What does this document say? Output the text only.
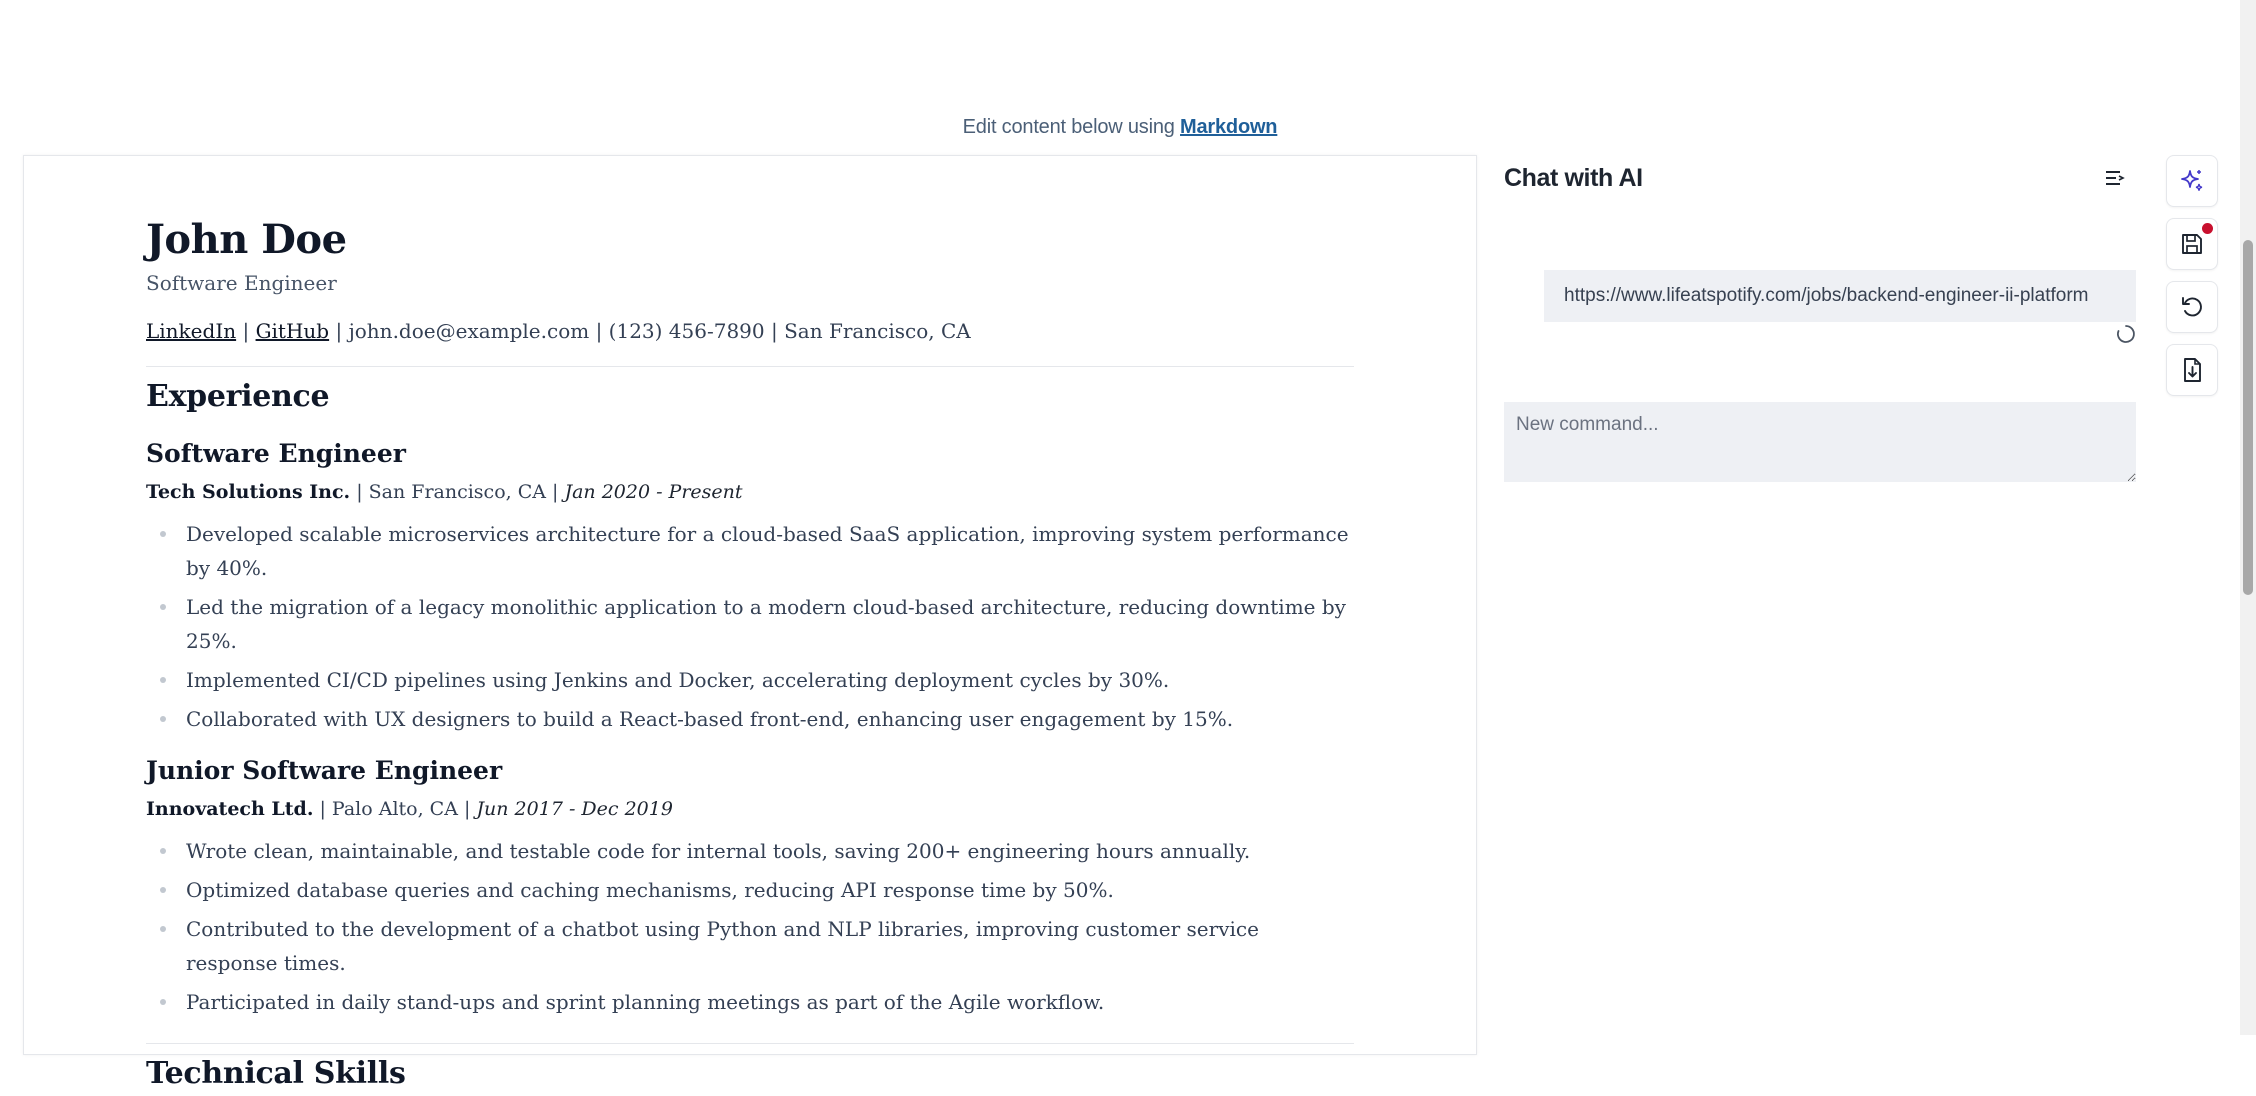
Edit content below using Markdown
John Doe
Software Engineer
LinkedIn | GitHub | john.doe@example.com | (123) 456-7890 | San Francisco, CA
Experience
Software Engineer
Tech Solutions Inc. | San Francisco, CA | Jan 2020 - Present
Developed scalable microservices architecture for a cloud-based SaaS application, improving system performance by 40%.
Led the migration of a legacy monolithic application to a modern cloud-based architecture, reducing downtime by 25%.
Implemented CI/CD pipelines using Jenkins and Docker, accelerating deployment cycles by 30%.
Collaborated with UX designers to build a React-based front-end, enhancing user engagement by 15%.
Junior Software Engineer
Innovatech Ltd. | Palo Alto, CA | Jun 2017 - Dec 2019
Wrote clean, maintainable, and testable code for internal tools, saving 200+ engineering hours annually.
Optimized database queries and caching mechanisms, reducing API response time by 50%.
Contributed to the development of a chatbot using Python and NLP libraries, improving customer service response times.
Participated in daily stand-ups and sprint planning meetings as part of the Agile workflow.
Technical Skills
Chat with AI
https://www.lifeatspotify.com/jobs/backend-engineer-ii-platform
New command...
